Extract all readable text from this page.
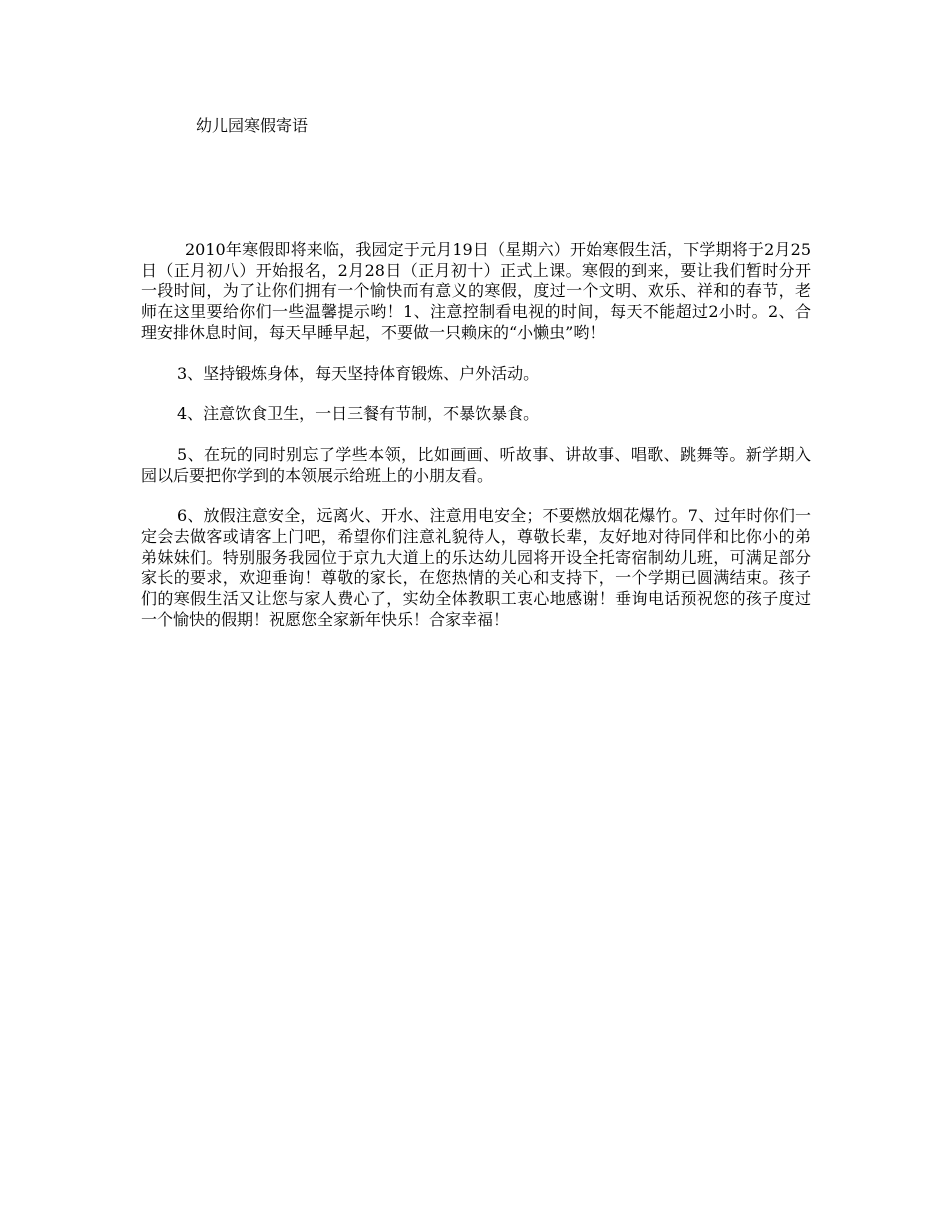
幼儿园寒假寄语

2010年寒假即将来临，我园定于元月19日（星期六）开始寒假生活，下学期将于2月25日（正月初八）开始报名，2月28日（正月初十）正式上课。寒假的到来，要让我们暂时分开一段时间，为了让你们拥有一个愉快而有意义的寒假，度过一个文明、欢乐、祥和的春节，老师在这里要给你们一些温馨提示哟！1、注意控制看电视的时间，每天不能超过2小时。2、合理安排休息时间，每天早睡早起，不要做一只赖床的“小懒虫”哟！

3、坚持锻炼身体，每天坚持体育锻炼、户外活动。

4、注意饮食卫生，一日三餐有节制，不暴饮暴食。

5、在玩的同时别忘了学些本领，比如画画、听故事、讲故事、唱歌、跳舞等。新学期入园以后要把你学到的本领展示给班上的小朋友看。

6、放假注意安全，远离火、开水、注意用电安全；不要燃放烟花爆竹。7、过年时你们一定会去做客或请客上门吧，希望你们注意礼貌待人，尊敬长辈，友好地对待同伴和比你小的弟弟妹妹们。特别服务我园位于京九大道上的乐达幼儿园将开设全托寄宿制幼儿班，可满足部分家长的要求，欢迎垂询！尊敬的家长，在您热情的关心和支持下，一个学期已圆满结束。孩子们的寒假生活又让您与家人费心了，实幼全体教职工衷心地感谢！垂询电话预祝您的孩子度过一个愉快的假期！祝愿您全家新年快乐！合家幸福！
